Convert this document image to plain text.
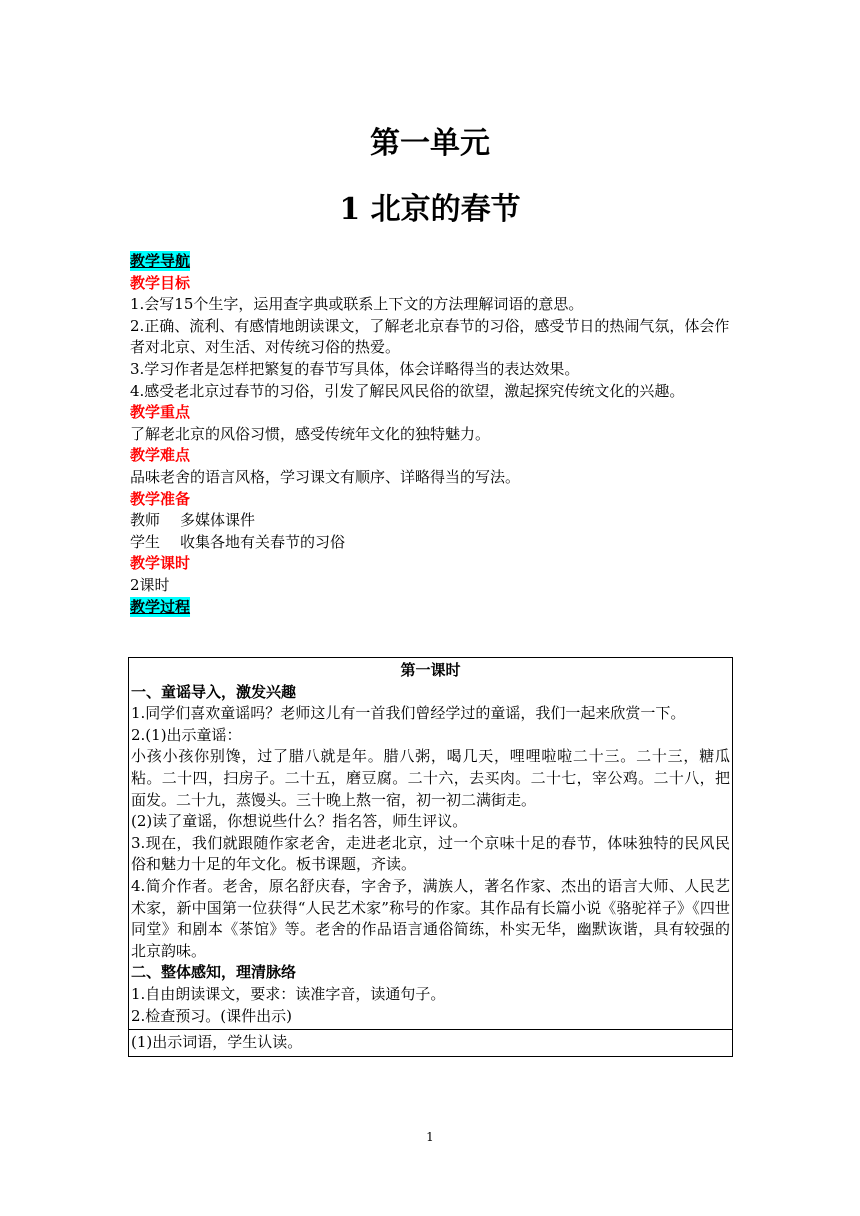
第一单元
1 北京的春节

教学导航

教学目标

1.会写15个生字，运用查字典或联系上下文的方法理解词语的意思。

2.正确、流利、有感情地朗读课文，了解老北京春节的习俗，感受节日的热闹气氛，体会作者对北京、对生活、对传统习俗的热爱。

3.学习作者是怎样把繁复的春节写具体，体会详略得当的表达效果。

4.感受老北京过春节的习俗，引发了解民风民俗的欲望，激起探究传统文化的兴趣。

教学重点

了解老北京的风俗习惯，感受传统年文化的独特魅力。

教学难点

品味老舍的语言风格，学习课文有顺序、详略得当的写法。

教学准备

教师 多媒体课件

学生 收集各地有关春节的习俗

教学课时

2课时

教学过程

第一课时

一、童谣导入，激发兴趣

1.同学们喜欢童谣吗？老师这儿有一首我们曾经学过的童谣，我们一起来欣赏一下。

2.(1)出示童谣：

小孩小孩你别馋，过了腊八就是年。腊八粥，喝几天，哩哩啦啦二十三。二十三，糖瓜粘。二十四，扫房子。二十五，磨豆腐。二十六，去买肉。二十七，宰公鸡。二十八，把面发。二十九，蒸馒头。三十晚上熬一宿，初一初二满街走。

(2)读了童谣，你想说些什么？指名答，师生评议。

3.现在，我们就跟随作家老舍，走进老北京，过一个京味十足的春节，体味独特的民风民俗和魅力十足的年文化。板书课题，齐读。

4.简介作者。老舍，原名舒庆春，字舍予，满族人，著名作家、杰出的语言大师、人民艺术家，新中国第一位获得“人民艺术家”称号的作家。其作品有长篇小说《骆驼祥子》《四世同堂》和剧本《茶馆》等。老舍的作品语言通俗简练，朴实无华，幽默诙谐，具有较强的北京韵味。

二、整体感知，理清脉络

1.自由朗读课文，要求：读准字音，读通句子。

2.检查预习。(课件出示)

(1)出示词语，学生认读。
1
